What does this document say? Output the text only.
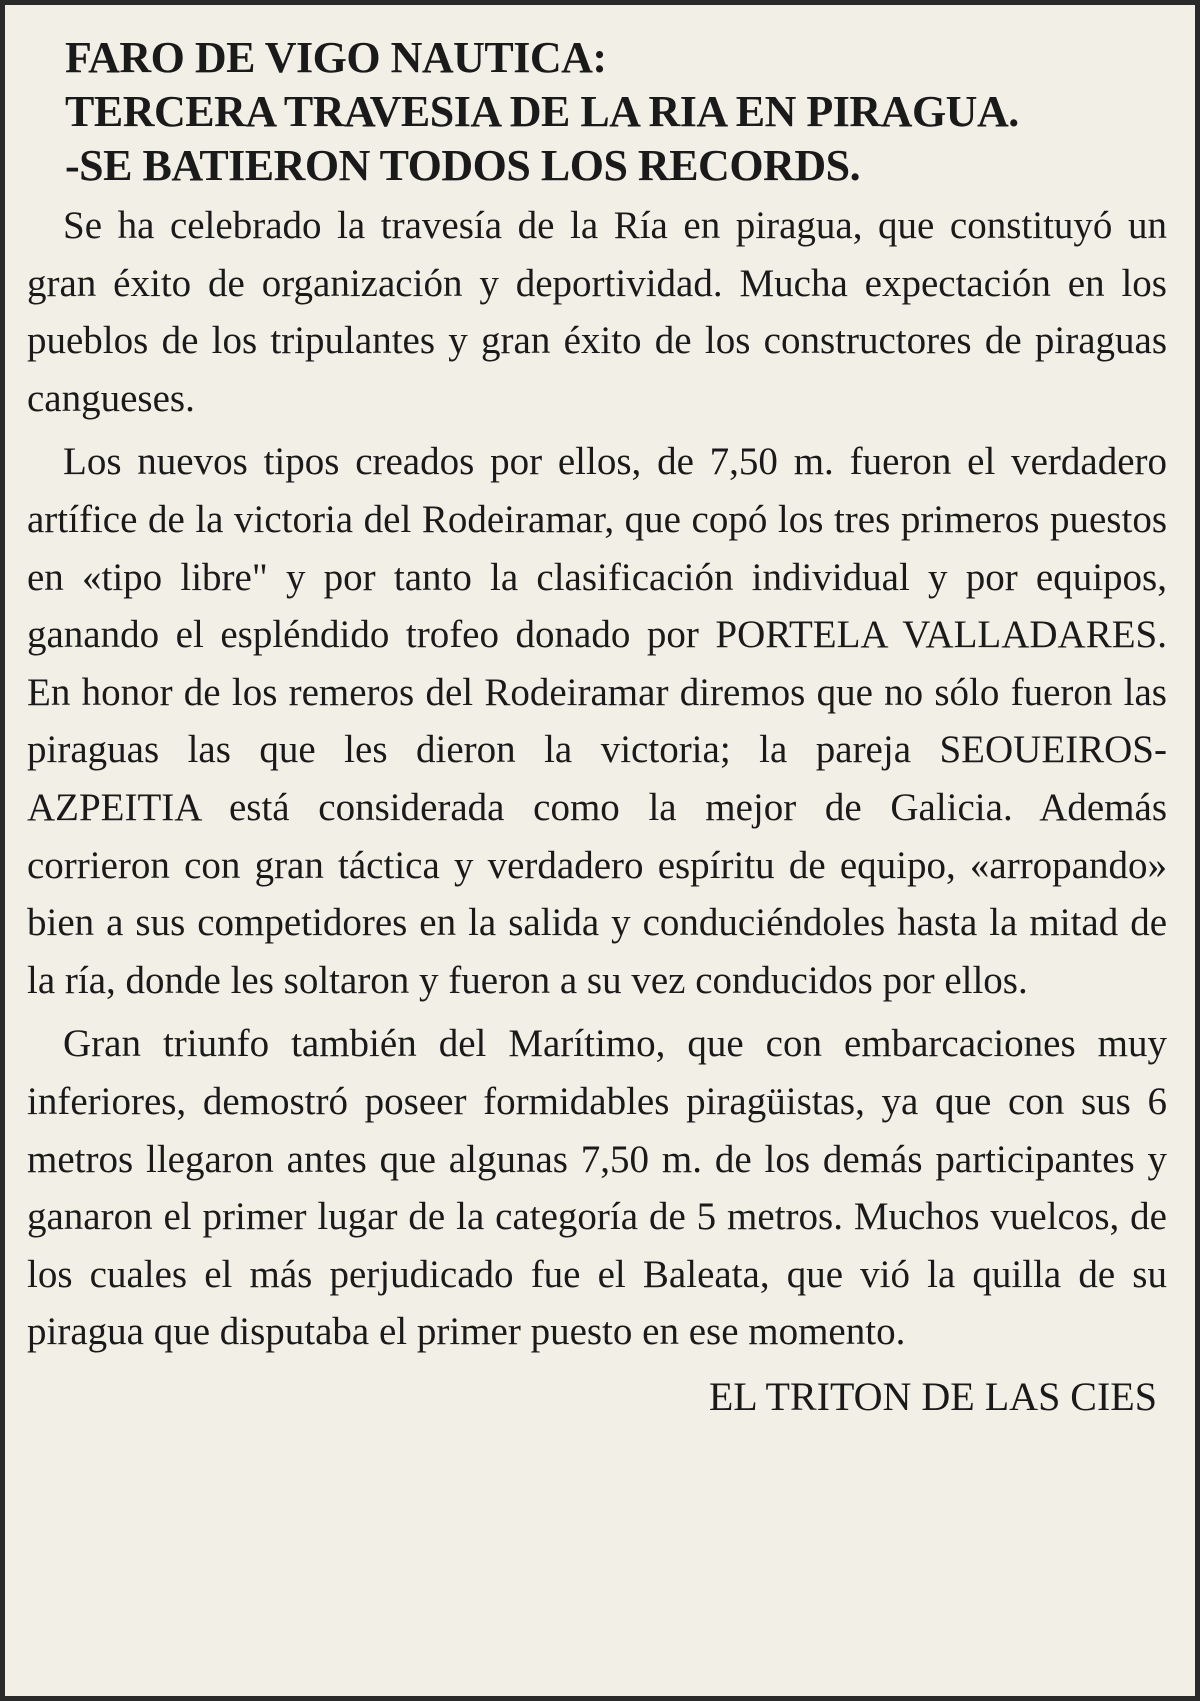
FARO DE VIGO NAUTICA:
TERCERA TRAVESIA DE LA RIA EN PIRAGUA.
-SE BATIERON TODOS LOS RECORDS.

Se ha celebrado la travesía de la Ría en piragua, que constituyó un gran éxito de organización y deportividad. Mucha expectación en los pueblos de los tripulantes y gran éxito de los constructores de piraguas cangueses.

Los nuevos tipos creados por ellos, de 7,50 m. fueron el verdadero artífice de la victoria del Rodeiramar, que copó los tres primeros puestos en «tipo libre" y por tanto la clasificación individual y por equipos, ganando el espléndido trofeo donado por PORTELA VALLADARES. En honor de los remeros del Rodeiramar diremos que no sólo fueron las piraguas las que les dieron la victoria; la pareja SEOUEIROS-AZPEITIA está considerada como la mejor de Galicia. Además corrieron con gran táctica y verdadero espíritu de equipo, «arropando» bien a sus competidores en la salida y conduciéndoles hasta la mitad de la ría, donde les soltaron y fueron a su vez conducidos por ellos.

Gran triunfo también del Marítimo, que con embarcaciones muy inferiores, demostró poseer formidables piragüistas, ya que con sus 6 metros llegaron antes que algunas 7,50 m. de los demás participantes y ganaron el primer lugar de la categoría de 5 metros. Muchos vuelcos, de los cuales el más perjudicado fue el Baleata, que vió la quilla de su piragua que disputaba el primer puesto en ese momento.

EL TRITON DE LAS CIES
